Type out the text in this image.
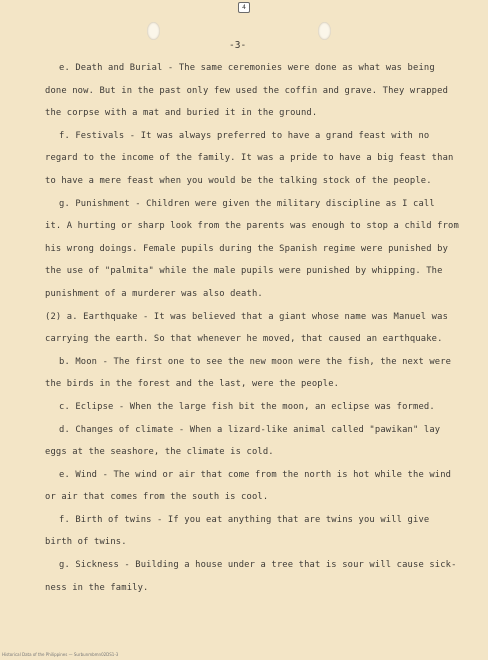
4
-3-
e. Death and Burial - The same ceremonies were done as what was being
done now. But in the past only few used the coffin and grave. They wrapped
the corpse with a mat and buried it in the ground.
f. Festivals - It was always preferred to have a grand feast with no
regard to the income of the family. It was a pride to have a big feast than
to have a mere feast when you would be the talking stock of the people.
g. Punishment - Children were given the military discipline as I call
it. A hurting or sharp look from the parents was enough to stop a child from
his wrong doings. Female pupils during the Spanish regime were punished by
the use of "palmita" while the male pupils were punished by whipping. The
punishment of a murderer was also death.
(2) a. Earthquake - It was believed that a giant whose name was Manuel was
carrying the earth. So that whenever he moved, that caused an earthquake.
b. Moon - The first one to see the new moon were the fish, the next were
the birds in the forest and the last, were the people.
c. Eclipse - When the large fish bit the moon, an eclipse was formed.
d. Changes of climate - When a lizard-like animal called "pawikan" lay
eggs at the seashore, the climate is cold.
e. Wind - The wind or air that come from the north is hot while the wind
or air that comes from the south is cool.
f. Birth of twins - If you eat anything that are twins you will give
birth of twins.
g. Sickness - Building a house under a tree that is sour will cause sick-
ness in the family.
Historical Data of the Philippines — Surbunmbmn02DS1-3
